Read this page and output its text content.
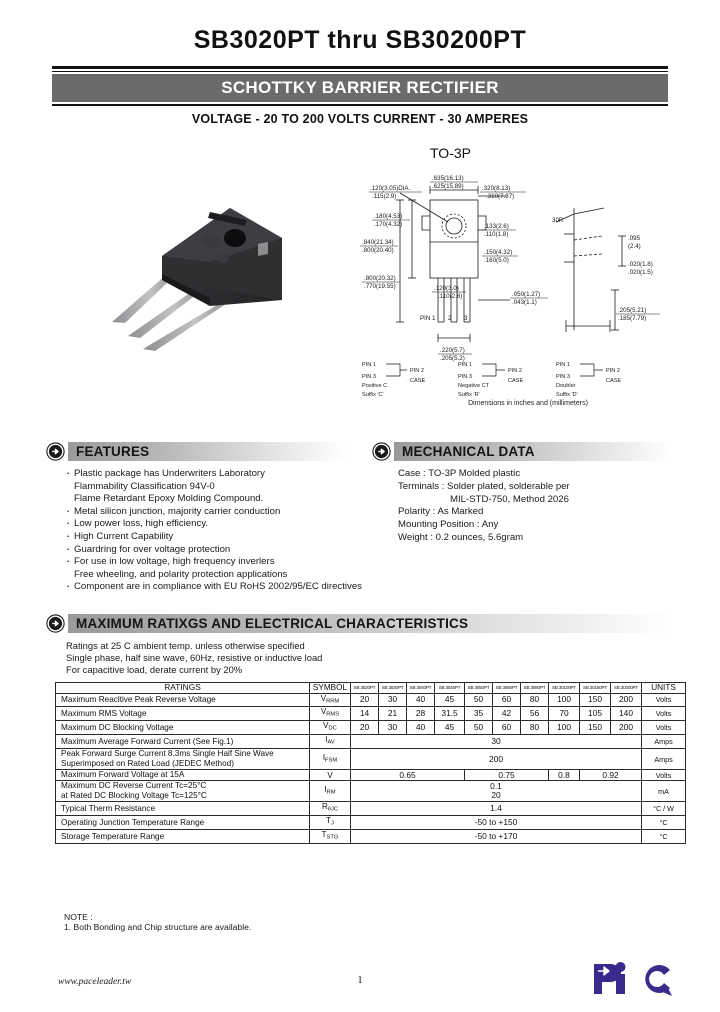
SB3020PT thru SB30200PT
SCHOTTKY BARRIER RECTIFIER
VOLTAGE - 20 TO 200 VOLTS CURRENT - 30 AMPERES
TO-3P
.120(3.05)DIA.
.115(2.9)
.635(16.13)
.625(15.89)	.320(8.13)
.310(7.87)
.180(4.53)
.170(4.32)
.840(21.34)
.800(20.40)
.800(20.32)
.770(19.55)	.120(3.0)
.110(2.8)
.150(4.32)
.160(5.0)
.133(2.6)
.110(1.8)
.050(1.27)
.043(1.1)
.220(5.7)
.205(5.2)
30R
.095
(2.4)
.020(1.8)
.020(1.5)
.205(5.21)
.185(7.79)
PIN 1 2 3
PIN 1
PIN 3
Positive C
Suffix 'C'
PIN 2
CASE
PIN 1
PIN 3
Negative CT
Suffix 'R'
PIN 2
CASE
PIN 1
PIN 3
Doubler
Suffix 'D'
PIN 2
CASE
Dimensions in inches and (millimeters)
FEATURES
· Plastic package has Underwriters Laboratory
Flammability Classification 94V-0
Flame Retardant Epoxy Molding Compound.
· Metal silicon junction, majority carrier conduction
· Low power loss, high efficiency.
· High Current Capability
· Guardring for over voltage protection
· For use in low voltage, high frequency inverlers
Free wheeling, and polarity protection applications
· Component are in compliance with EU RoHS 2002/95/EC directives
MECHANICAL DATA
Case : TO-3P Molded plastic
Terminals : Solder plated, solderable per
MIL-STD-750, Method 2026
Polarity : As Marked
Mounting Position : Any
Weight : 0.2 ounces, 5.6gram
MAXIMUM RATIXGS AND ELECTRICAL CHARACTERISTICS
Ratings at 25 C ambient temp. unless otherwise specified
Single phase, half sine wave, 60Hz, resistive or inductive load
For capacitive load, derate current by 20%
RATINGS	SYMBOL	SB 3020PT	SB 3030PT	SB 3040PT	SB 3045PT	SB 3050PT	SB 3060PT	SB 3080PT	SB 30100PT	SB 30150PT	SB 30200PT	UNITS
Maximum Reacltive Peak Reverse Voltage	$V_{RRM}$	20	30	40	45	50	60	80	100	150	200	Volts
Maximum RMS Voltage	$V_{RMS}$	14	21	28	31.5	35	42	56	70	105	140	Volts
Maximum DC Blocking Voltage	$V_{DC}$	20	30	40	45	50	60	80	100	150	200	Volts
Maximum Average Forward Current (See Fig.1)	$I_{AV}$	30										Amps
Peak Forward Surge Current 8.3ms Single Half Sine Wave Superimposed on Rated Load (JEDEC Method)	$I_{FSM}$	200										Amps
Maximum Forward Voltage at 15A	V	0.65				0.75			0.8	0.92		Volts
Maximum DC Reverse Current Tc=25°C
at Rated DC Blocking Voltage Tc=125°C	$I_{RM}$	0.1
20										mA
Typical Therm Resistance	$R_{\theta JC}$	1.4										°C / W
Operating Junction Temperature Range	$T_J$	-50 to +150										°C
Storage Temperature Range	$T_{STG}$	-50 to +170										°C
NOTE :
1. Both Bonding and Chip structure are available.
www.paceleader.tw	1
